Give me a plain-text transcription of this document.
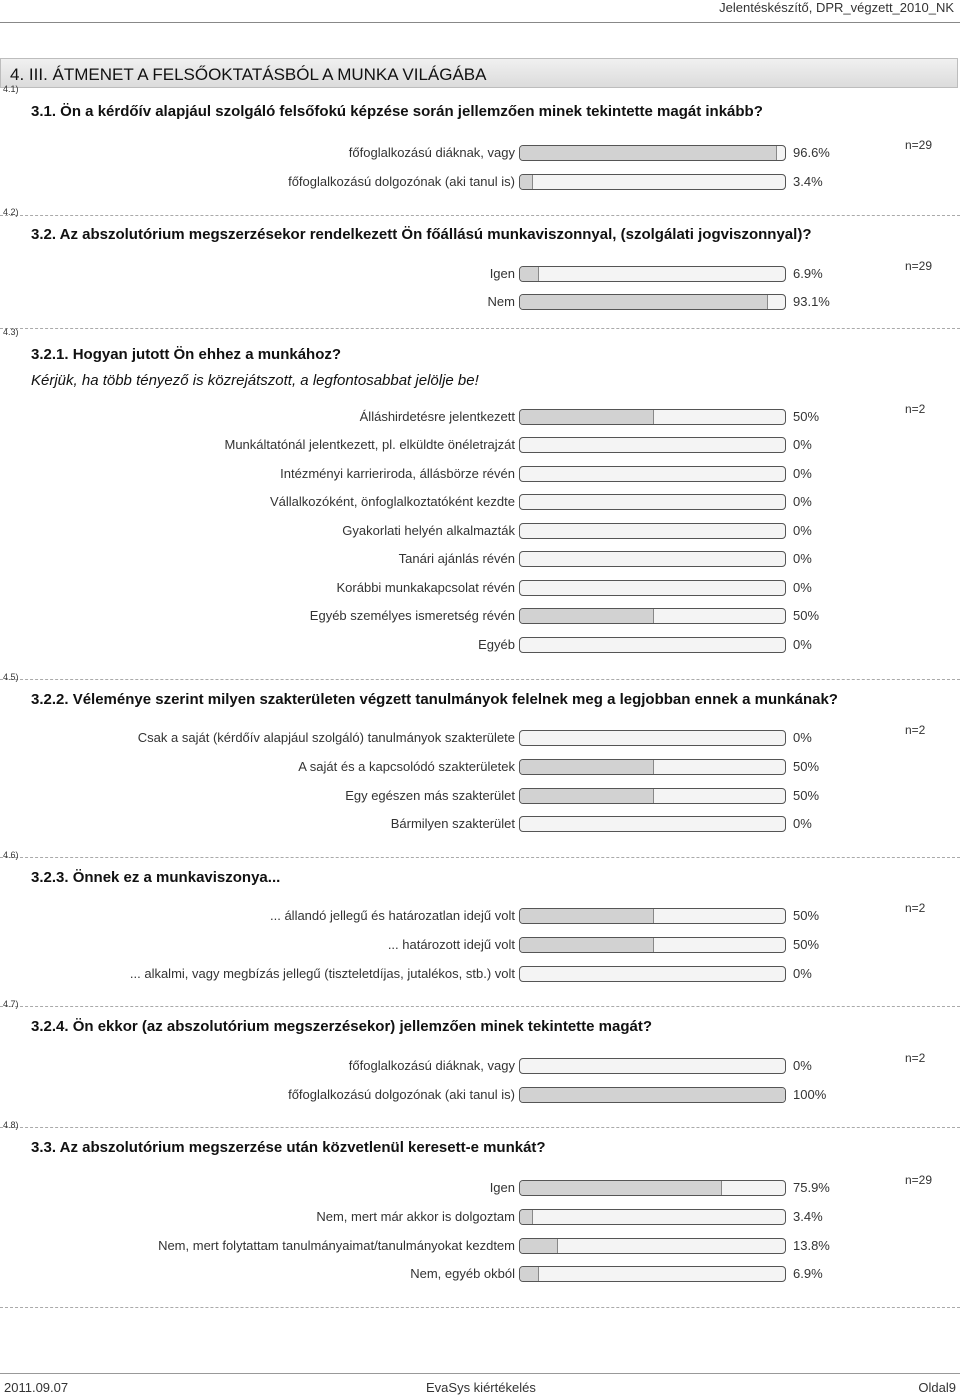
Jelentéskészítő, DPR_végzett_2010_NK
4. III. ÁTMENET A FELSŐOKTATÁSBÓL A MUNKA VILÁGÁBA
4.1)
3.1. Ön a kérdőív alapjául szolgáló felsőfokú képzése során jellemzően minek tekintette magát inkább?
n=29
főfoglalkozású diáknak, vagy	96.6%
főfoglalkozású dolgozónak (aki tanul is)	3.4%
4.2)
3.2. Az abszolutórium megszerzésekor rendelkezett Ön főállású munkaviszonnyal, (szolgálati jogviszonnyal)?
n=29
Igen	6.9%
Nem	93.1%
4.3)
3.2.1. Hogyan jutott Ön ehhez a munkához?
Kérjük, ha több tényező is közrejátszott, a legfontosabbat jelölje be!
n=2
Álláshirdetésre jelentkezett	50%
Munkáltatónál jelentkezett, pl. elküldte önéletrajzát	0%
Intézményi karrieriroda, állásbörze révén	0%
Vállalkozóként, önfoglalkoztatóként kezdte	0%
Gyakorlati helyén alkalmazták	0%
Tanári ajánlás révén	0%
Korábbi munkakapcsolat révén	0%
Egyéb személyes ismeretség révén	50%
Egyéb	0%
4.5)
3.2.2. Véleménye szerint milyen szakterületen végzett tanulmányok felelnek meg a legjobban ennek a munkának?
n=2
Csak a saját (kérdőív alapjául szolgáló) tanulmányok szakterülete	0%
A saját és a kapcsolódó szakterületek	50%
Egy egészen más szakterület	50%
Bármilyen szakterület	0%
4.6)
3.2.3. Önnek ez a munkaviszonya...
n=2
... állandó jellegű és határozatlan idejű volt	50%
... határozott idejű volt	50%
... alkalmi, vagy megbízás jellegű (tiszteletdíjas, jutalékos, stb.) volt	0%
4.7)
3.2.4. Ön ekkor (az abszolutórium megszerzésekor) jellemzően minek tekintette magát?
n=2
főfoglalkozású diáknak, vagy	0%
főfoglalkozású dolgozónak (aki tanul is)	100%
4.8)
3.3. Az abszolutórium megszerzése után közvetlenül keresett-e munkát?
n=29
Igen	75.9%
Nem, mert már akkor is dolgoztam	3.4%
Nem, mert folytattam tanulmányaimat/tanulmányokat kezdtem	13.8%
Nem, egyéb okból	6.9%
2011.09.07	EvaSys kiértékelés	Oldal9
